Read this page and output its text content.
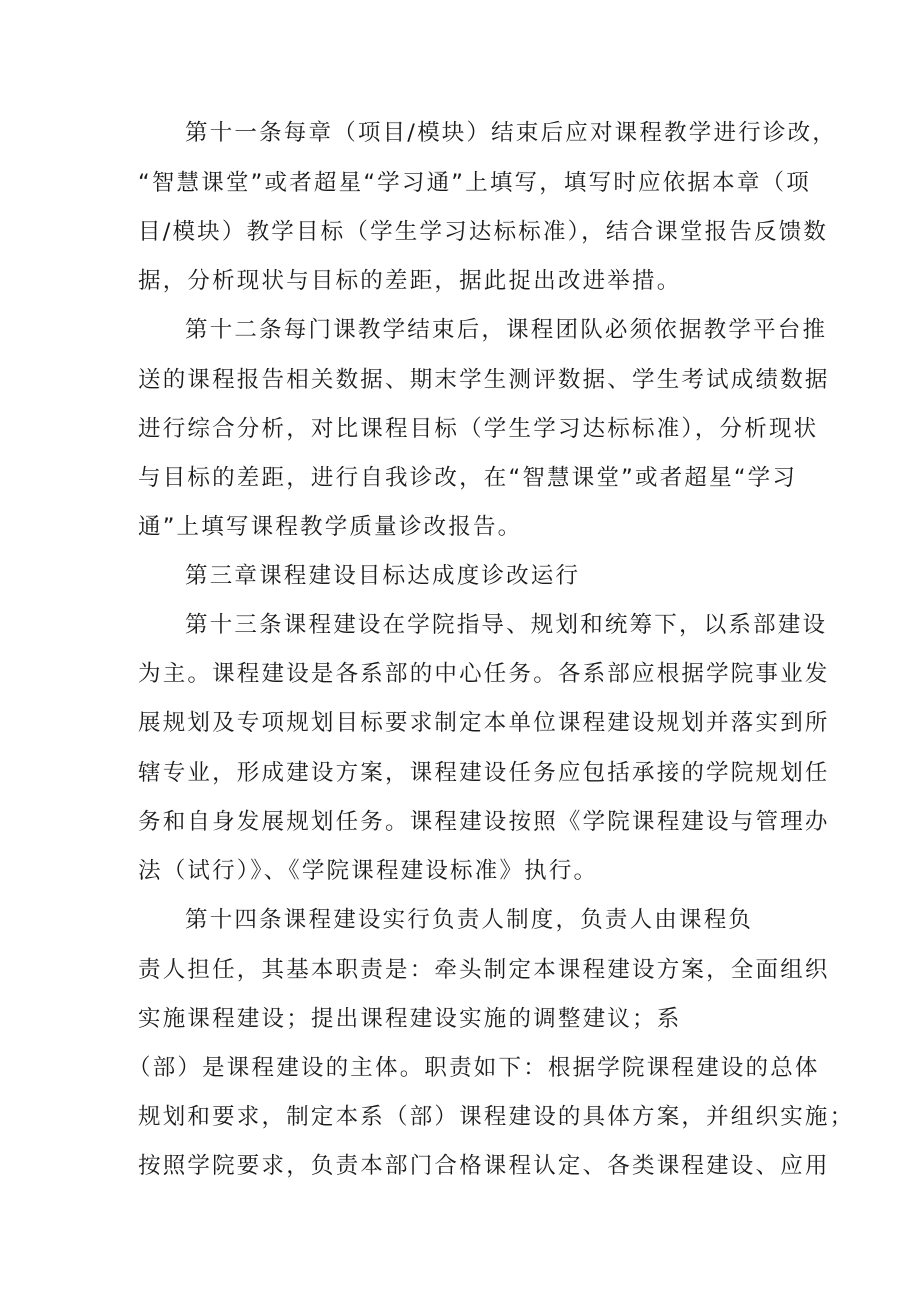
第十一条每章（项目/模块）结束后应对课程教学进行诊改，

“智慧课堂”或者超星“学习通”上填写，填写时应依据本章（项

目/模块）教学目标（学生学习达标标准），结合课堂报告反馈数

据，分析现状与目标的差距，据此捉出改进举措。

第十二条每门课教学结束后，课程团队必须依据教学平台推

送的课程报告相关数据、期末学生测评数据、学生考试成绩数据

进行综合分析，对比课程目标（学生学习达标标准），分析现状

与目标的差距，进行自我诊改，在“智慧课堂”或者超星“学习

通”上填写课程教学质量诊改报告。

第三章课程建设目标达成度诊改运行

第十三条课程建设在学院指导、规划和统筹下，以系部建设

为主。课程建设是各系部的中心任务。各系部应根据学院事业发

展规划及专项规划目标要求制定本单位课程建设规划并落实到所

辖专业，形成建设方案，课程建设任务应包括承接的学院规划任

务和自身发展规划任务。课程建设按照《学院课程建设与管理办

法（试行）》、《学院课程建设标准》执行。

第十四条课程建设实行负责人制度，负责人由课程负

责人担任，其基本职责是：牵头制定本课程建设方案，全面组织

实施课程建设；提出课程建设实施的调整建议；系

（部）是课程建设的主体。职责如下：根据学院课程建设的总体

规划和要求，制定本系（部）课程建设的具体方案，并组织实施；

按照学院要求，负责本部门合格课程认定、各类课程建设、应用
